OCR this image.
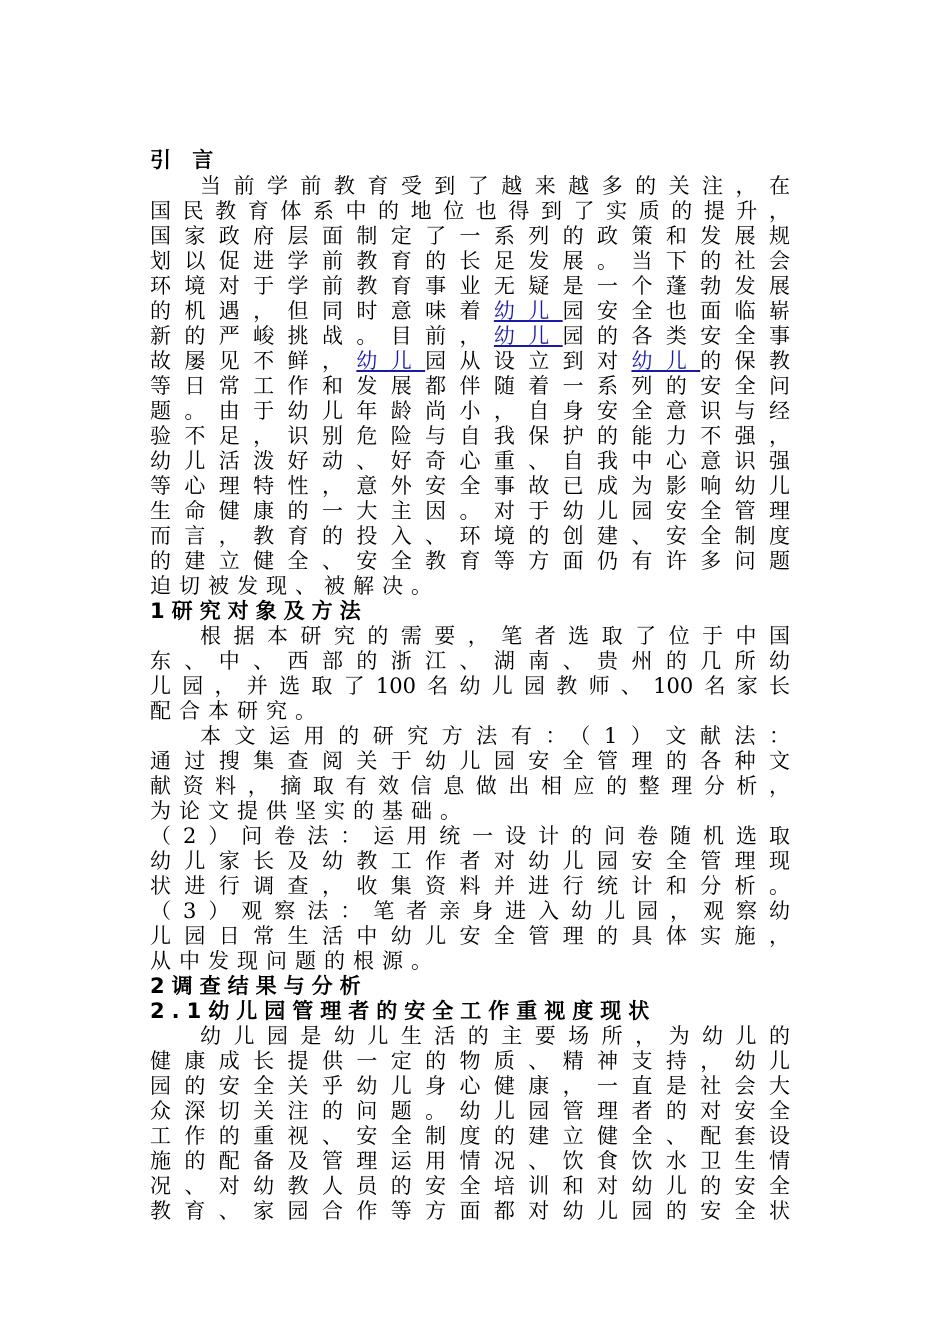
引 言
当前学前教育受到了越来越多的关注，在
国民教育体系中的地位也得到了实质的提升，
国家政府层面制定了一系列的政策和发展规
划以促进学前教育的长足发展。当下的社会
环境对于学前教育事业无疑是一个蓬勃发展
的机遇，但同时意味着幼儿园安全也面临崭
新的严峻挑战。目前，幼儿园的各类安全事
故屡见不鲜，幼儿园从设立到对幼儿的保教
等日常工作和发展都伴随着一系列的安全问
题。由于幼儿年龄尚小，自身安全意识与经
验不足，识别危险与自我保护的能力不强，
幼儿活泼好动、好奇心重、自我中心意识强
等心理特性，意外安全事故已成为影响幼儿
生命健康的一大主因。对于幼儿园安全管理
而言，教育的投入、环境的创建、安全制度
的建立健全、安全教育等方面仍有许多问题
迫切被发现、被解决。
1研究对象及方法
根据本研究的需要，笔者选取了位于中国
东、中、西部的浙江、湖南、贵州的几所幼
儿园，并选取了100名幼儿园教师、100名家长
配合本研究。
本文运用的研究方法有：（1）文献法：
通过搜集查阅关于幼儿园安全管理的各种文
献资料，摘取有效信息做出相应的整理分析，
为论文提供坚实的基础。
（2）问卷法：运用统一设计的问卷随机选取
幼儿家长及幼教工作者对幼儿园安全管理现
状进行调查，收集资料并进行统计和分析。
（3）观察法：笔者亲身进入幼儿园，观察幼
儿园日常生活中幼儿安全管理的具体实施，
从中发现问题的根源。
2调查结果与分析
2.1幼儿园管理者的安全工作重视度现状
幼儿园是幼儿生活的主要场所，为幼儿的
健康成长提供一定的物质、精神支持，幼儿
园的安全关乎幼儿身心健康，一直是社会大
众深切关注的问题。幼儿园管理者的对安全
工作的重视、安全制度的建立健全、配套设
施的配备及管理运用情况、饮食饮水卫生情
况、对幼教人员的安全培训和对幼儿的安全
教育、家园合作等方面都对幼儿园的安全状
